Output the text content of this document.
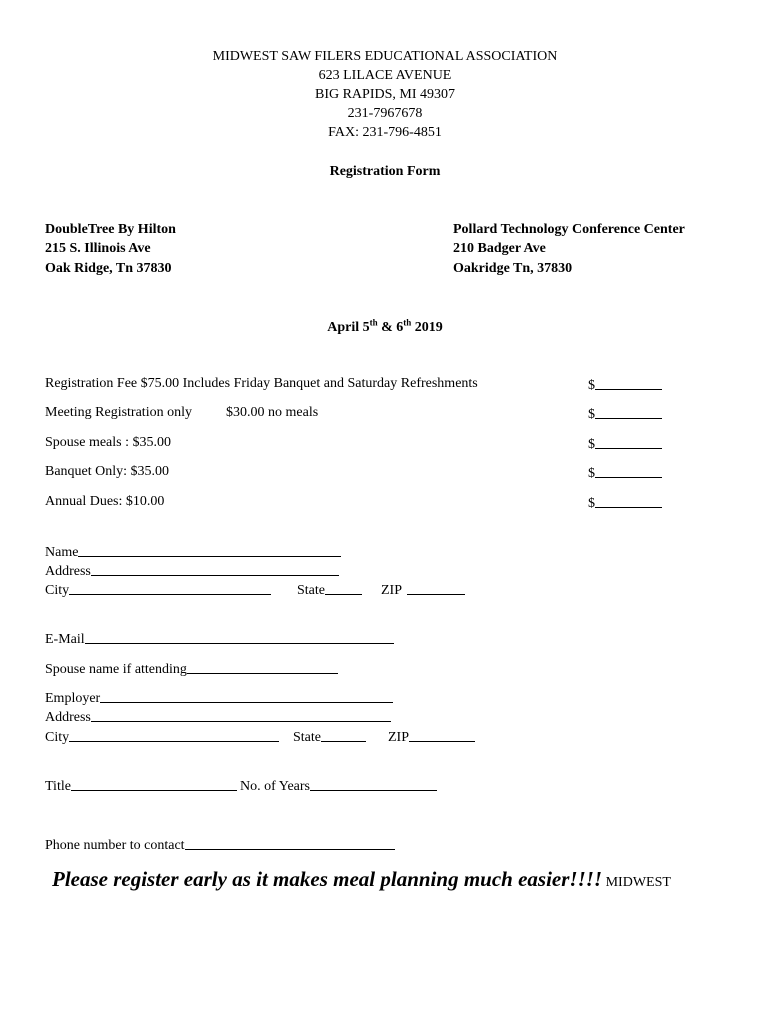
MIDWEST SAW FILERS EDUCATIONAL ASSOCIATION
623 LILACE AVENUE
BIG RAPIDS, MI 49307
231-7967678
FAX: 231-796-4851
Registration Form
DoubleTree By Hilton
215 S. Illinois Ave
Oak Ridge, Tn 37830
Pollard Technology Conference Center
210 Badger Ave
Oakridge Tn, 37830
April 5th & 6th 2019
Registration Fee $75.00 Includes Friday Banquet and Saturday Refreshments	$
Meeting Registration only $30.00 no meals	$
Spouse meals : $35.00	$
Banquet Only: $35.00	$
Annual Dues: $10.00	$
Name
Address
City	State	ZIP
E-Mail
Spouse name if attending
Employer
Address
City	State	ZIP
Title	No. of Years
Phone number to contact
Please register early as it makes meal planning much easier!!!! MIDWEST
